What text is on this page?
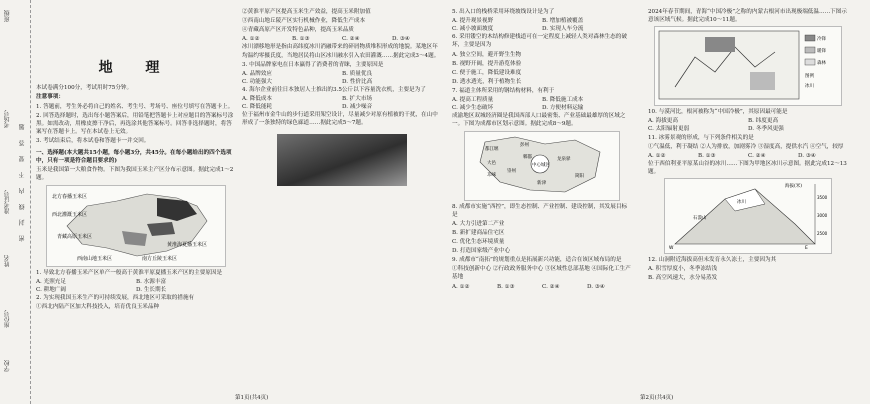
班级
考场号
准考证号
姓名
座位号
学校
密 封 线 内 不 要 答 题
地 理

本试卷满分100分，考试用时75分钟。

注意事项：

1. 答题前，考生务必将自己的姓名、考生号、考场号、座位号填写在答题卡上。

2. 回答选择题时，选出每小题答案后，用铅笔把答题卡上对应题目的答案标号涂黑。如需改动，用橡皮擦干净后，再选涂其他答案标号。回答非选择题时，将答案写在答题卡上。写在本试卷上无效。

3. 考试结束后，将本试卷和答题卡一并交回。

一、选择题(本大题共15小题，每小题3分，共45分。在每小题给出的四个选项中，只有一项是符合题目要求的)

玉米是我国第一大粮食作物。下图为我国玉米主产区分布示意图。据此完成1～2题。

北方春播玉米区
黄淮海夏播玉米区
西南山地玉米区
西北灌溉玉米区
青藏高原玉米区
南方丘陵玉米区

1. 导致北方春播玉米产区单产一般高于黄淮平原夏播玉米产区的主要原因是

A. 光照充足	B. 水源丰富
C. 耕地广阔	D. 生长期长

2. 为实现我国玉米生产的可持续发展，西北地区可采取的措施有

①西北内陆产区加大科技投入，培育优良玉米品种

第1页(共4页)

②黄淮平原产区提高玉米生产效益，提高玉米附加值

③西南山地丘陵产区实行机械作业，降低生产成本

④青藏高原产区开发特色品种，提高玉米品质

A. ①②	B. ①③	C. ②④	D. ③④

冰川漂移地形是指由高纬度冰川消融带来的碎屑物质堆积形成的地貌。某地区年均温约零摄氏度，当地居民将山区冰川融水引入农田灌溉……据此完成3～4题。

3. 中国品牌家电在日本赢得了消费者的青睐，主要原因是

A. 品牌效应	B. 质量优良
C. 功能强大	D. 性价比高

4. 海尔企业前往日本独居人士推出的3.5公斤以下容量洗衣机，主要是为了

A. 降低成本	B. 扩大市场
C. 降低能耗	D. 减少噪音

位于福州市金牛山的步行道采用架空设计，尽量减少对原有植被的干扰，在山中形成了一条独特的绿色廊道……据此完成5～7题。

5. 出入口的栈桥采用环绕坡线设计是为了

A. 提升观景视野	B. 增加植被覆盖
C. 减小坡面坡度	D. 实现人车分流

6. 采用镂空的木结构修建栈道可在一定程度上减轻人类对森林生态的破坏，主要是因为

A. 独立空间，避开野生生物

B. 视野开阔，提升游览体验

C. 便于施工，降低建设难度

D. 透水透光，利于植物生长

7. 福道主体所采用的钢结构材料，有利于

A. 提高工程质量	B. 降低施工成本
C. 减少生态破坏	D. 方便材料运输

成渝地区双城经济圈是我国西部人口最密集、产业基础最雄厚的区域之一。下图为成都市区划示意图。据此完成8～9题。

都江堰
彭州
郫都
中心城区
龙泉驿
简阳
新津
邛崃
大邑
崇州

8. 成都市实施“西控”，即生态控制、产业控制、建设控制，其发展目标是

A. 大力引进第二产业

B. 新扩建商品住宅区

C. 优化生态环境质量

D. 打造国家级产业中心

9. 成都市“南拓”的规划重点是拓展新兴功能，适合在该区域布局的是

①科技创新中心 ②行政政务服务中心 ③区域性总部基地 ④国际化工生产基地

A. ①②	B. ①③	C. ②④	D. ③④

2024年春节期间，青海“中国冷极”之称的内蒙古根河市出现极端低温……下图示意该区域气候。据此完成10～11题。

冷锋
暖锋
森林
图例
冰川

10. 与漠河比，根河被称为“中国冷极”，其原因最可能是

A. 海拔更高	B. 纬度更高
C. 太阳辐射更弱	D. 冬季风更强

11. 冰雾景观的形成，与下列条件相关的是

①气温低，利于凝结 ②人为排放，加剧雾冷 ③湿度高，提供水汽 ④空气，较厚

A. ①②	B. ①③	C. ②④	D. ③④

位于西伯利亚平原某山谷的冰川……下图为甲地区冰川示意图。据此完成12～13题。

海拔(米)
冰川
石漠山
W	E
3500
3000
2500

12. 山洞附近海拔高但未发育永久冻土，主要因为其

A. 积雪厚度小，冬季冻结浅

B. 高空风速大，水分易蒸发

第2页(共4页)
